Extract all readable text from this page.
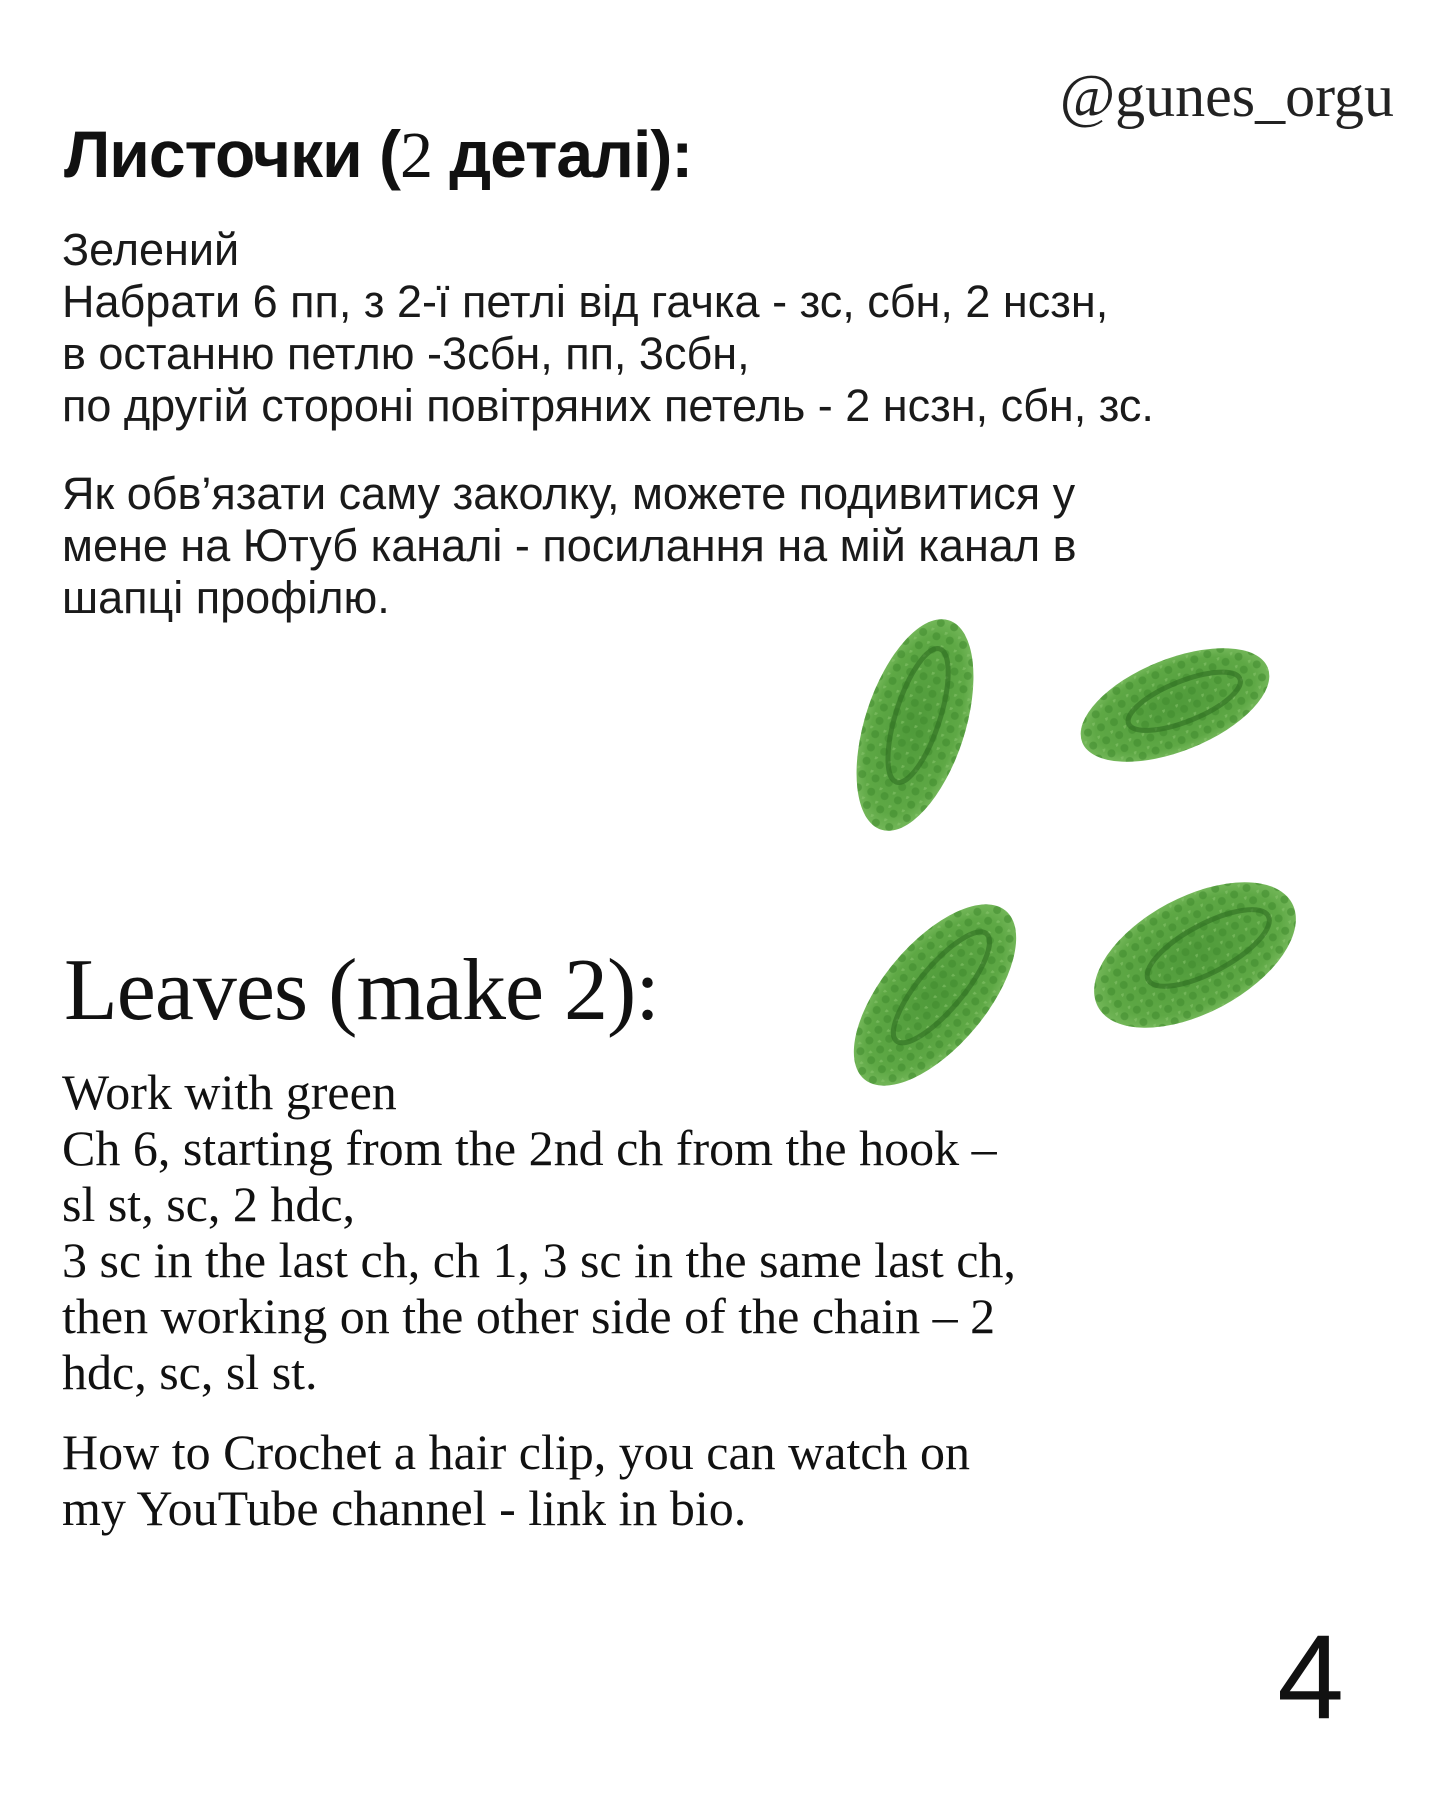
@gunes_orgu
Листочки (2 деталі):
Зелений
Набрати 6 пп, з 2-ї петлі від гачка - зс, сбн, 2 нсзн,
в останню петлю -3сбн, пп, 3сбн,
по другій стороні повітряних петель - 2 нсзн, сбн, зс.
Як обв’язати саму заколку, можете подивитися у
мене на Ютуб каналі - посилання на мій канал в
шапці профілю.
Leaves (make 2):
Work with green
Ch 6, starting from the 2nd ch from the hook –
sl st, sc, 2 hdc,
3 sc in the last ch, ch 1, 3 sc in the same last ch,
then working on the other side of the chain – 2
hdc, sc, sl st.
How to Crochet a hair clip, you can watch on
my YouTube channel - link in bio.
4
